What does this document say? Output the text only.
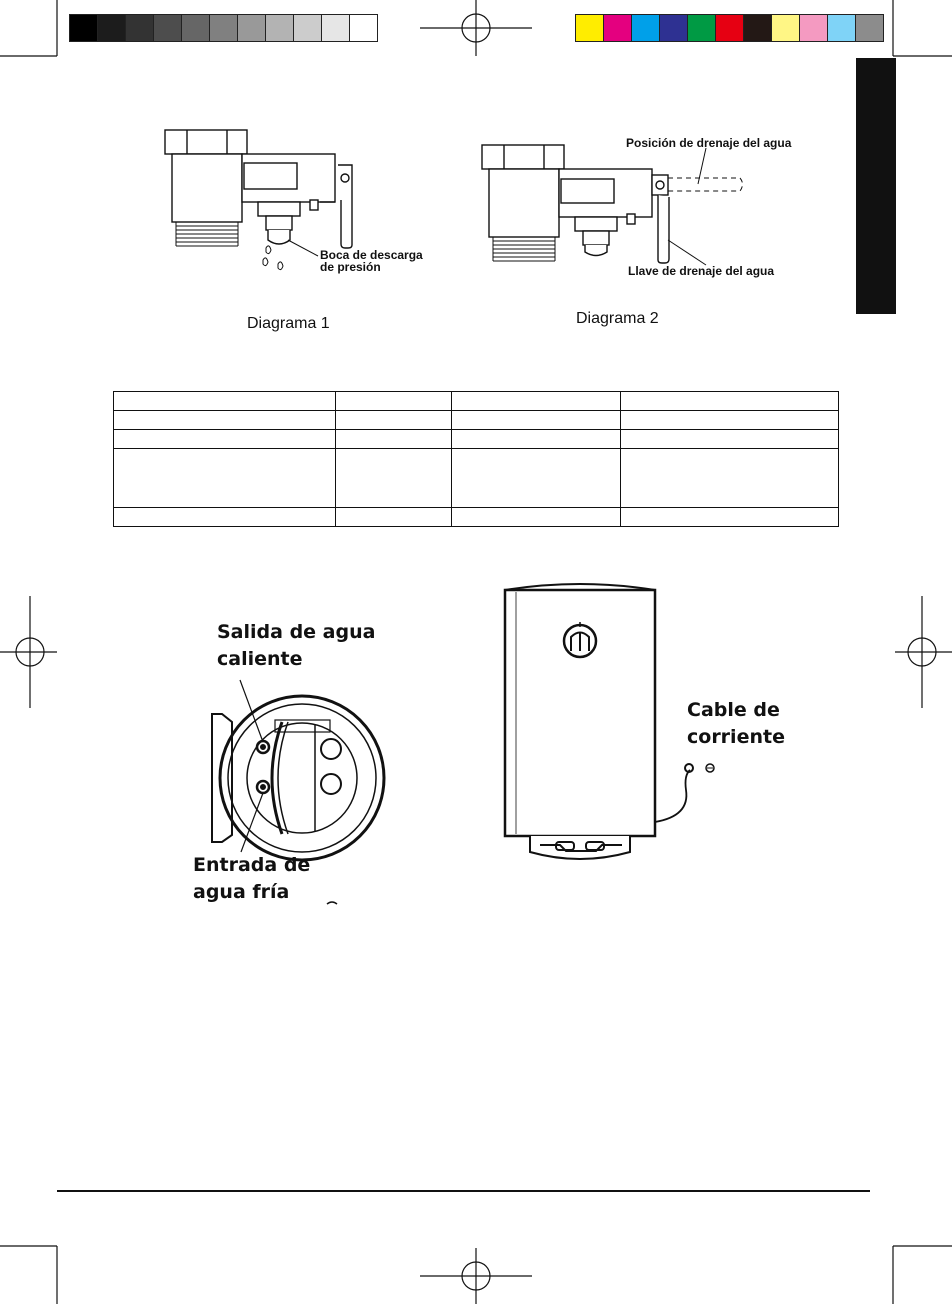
Boca de descarga
de presión
Diagrama 1
Posición de drenaje del agua
Llave de drenaje del agua
Diagrama 2

Salida de agua
caliente
Entrada de
agua fría
Cable de
corriente
